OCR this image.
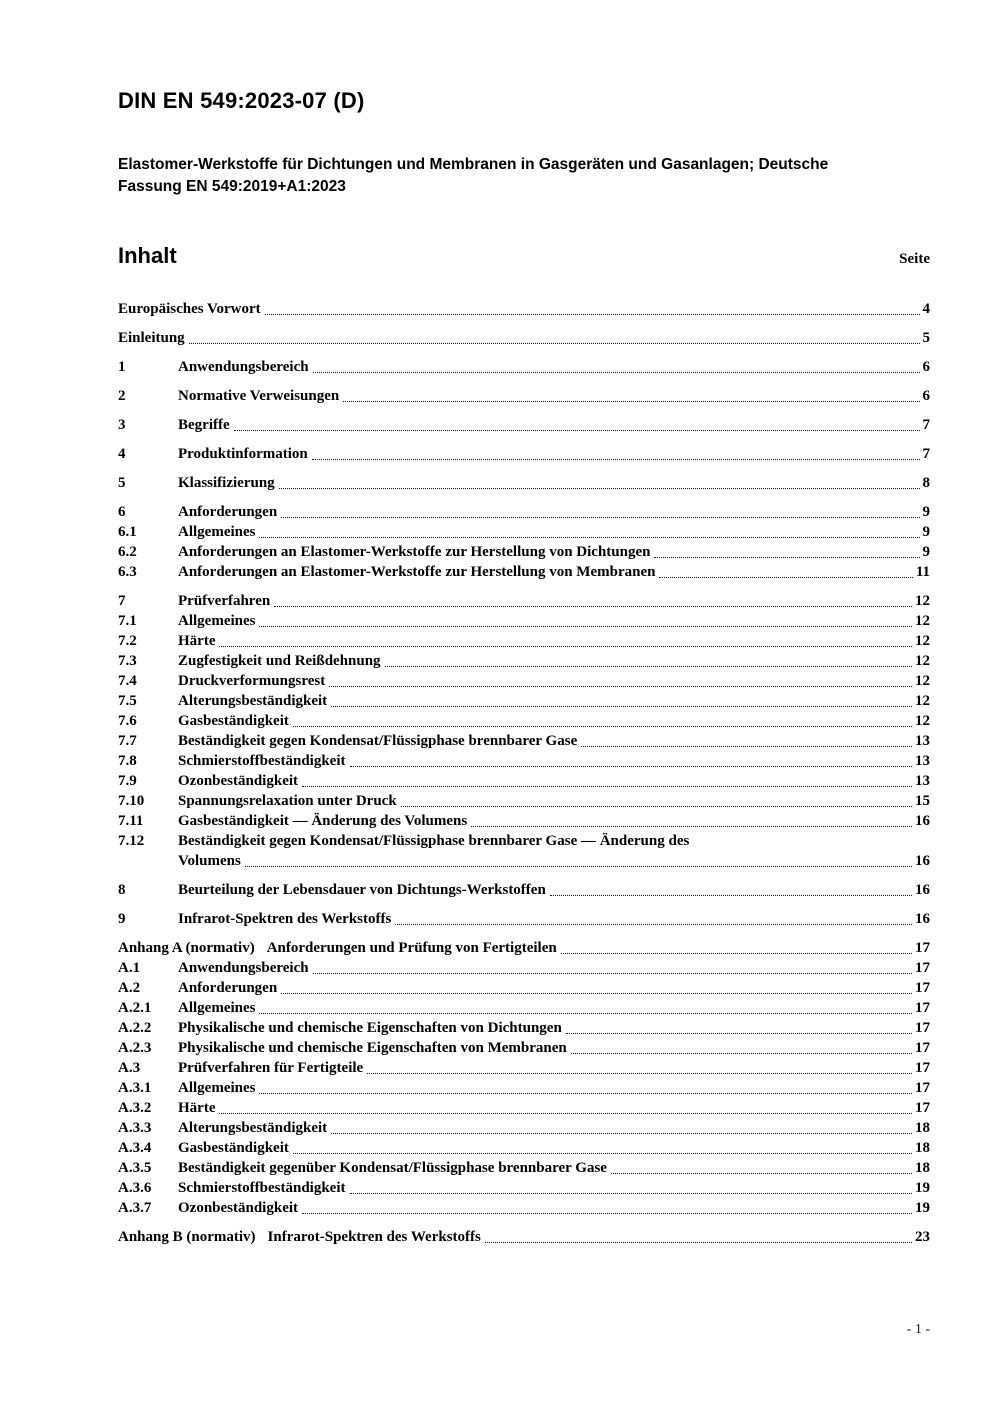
DIN EN 549:2023-07 (D)
Elastomer-Werkstoffe für Dichtungen und Membranen in Gasgeräten und Gasanlagen; Deutsche Fassung EN 549:2019+A1:2023
Inhalt	Seite
Europäisches Vorwort	4
Einleitung	5
1	Anwendungsbereich	6
2	Normative Verweisungen	6
3	Begriffe	7
4	Produktinformation	7
5	Klassifizierung	8
6	Anforderungen	9
6.1	Allgemeines	9
6.2	Anforderungen an Elastomer-Werkstoffe zur Herstellung von Dichtungen	9
6.3	Anforderungen an Elastomer-Werkstoffe zur Herstellung von Membranen	11
7	Prüfverfahren	12
7.1	Allgemeines	12
7.2	Härte	12
7.3	Zugfestigkeit und Reißdehnung	12
7.4	Druckverformungsrest	12
7.5	Alterungsbeständigkeit	12
7.6	Gasbeständigkeit	12
7.7	Beständigkeit gegen Kondensat/Flüssigphase brennbarer Gase	13
7.8	Schmierstoffbeständigkeit	13
7.9	Ozonbeständigkeit	13
7.10	Spannungsrelaxation unter Druck	15
7.11	Gasbeständigkeit — Änderung des Volumens	16
7.12	Beständigkeit gegen Kondensat/Flüssigphase brennbarer Gase — Änderung des
Volumens	16
8	Beurteilung der Lebensdauer von Dichtungs-Werkstoffen	16
9	Infrarot-Spektren des Werkstoffs	16
Anhang A (normativ) Anforderungen und Prüfung von Fertigteilen	17
A.1	Anwendungsbereich	17
A.2	Anforderungen	17
A.2.1	Allgemeines	17
A.2.2	Physikalische und chemische Eigenschaften von Dichtungen	17
A.2.3	Physikalische und chemische Eigenschaften von Membranen	17
A.3	Prüfverfahren für Fertigteile	17
A.3.1	Allgemeines	17
A.3.2	Härte	17
A.3.3	Alterungsbeständigkeit	18
A.3.4	Gasbeständigkeit	18
A.3.5	Beständigkeit gegenüber Kondensat/Flüssigphase brennbarer Gase	18
A.3.6	Schmierstoffbeständigkeit	19
A.3.7	Ozonbeständigkeit	19
Anhang B (normativ) Infrarot-Spektren des Werkstoffs	23
- 1 -
